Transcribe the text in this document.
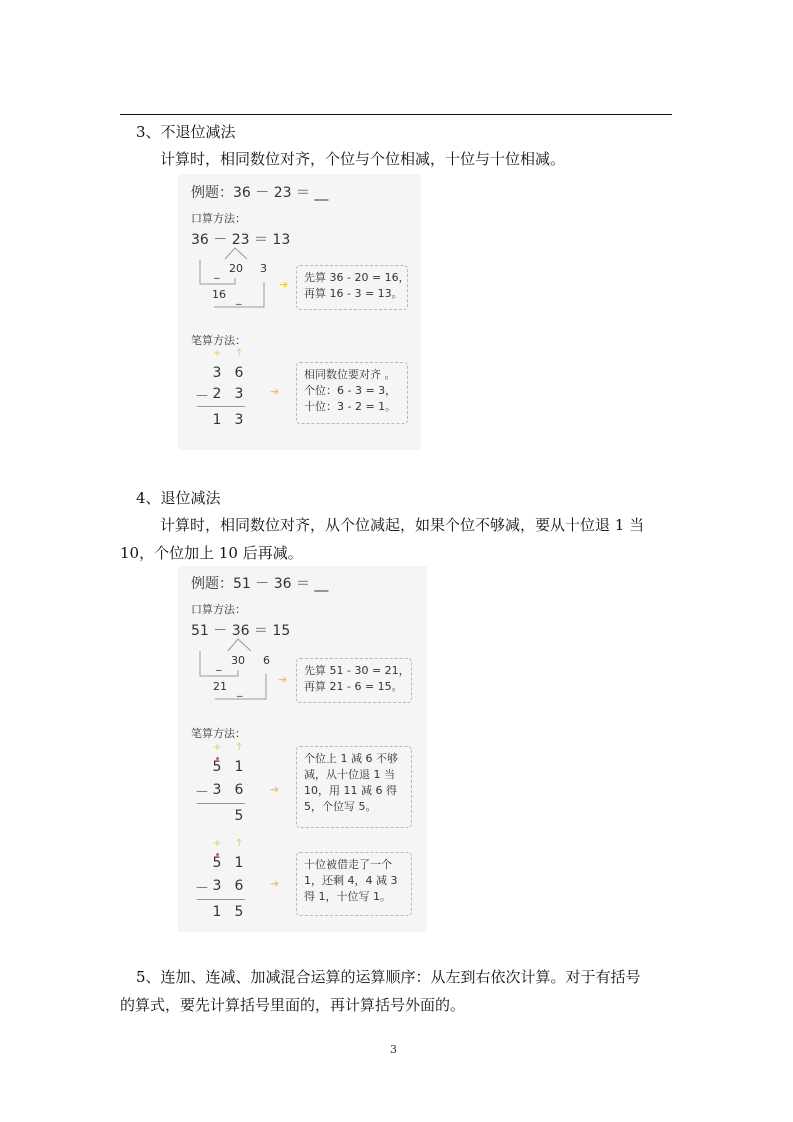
3、不退位减法
计算时，相同数位对齐，个位与个位相减，十位与十位相减。
例题：36 － 23 ＝ __
口算方法：
36 － 23 ＝ 13
_ 20 3
16 _
➔
先算 36 - 20 = 16，
再算 16 - 3 = 13。
笔算方法：
+ ↑
3 6
－ 2 3
1 3
➔
相同数位要对齐 。
个位：6 - 3 = 3，
十位：3 - 2 = 1。
4、退位减法
计算时，相同数位对齐，从个位减起，如果个位不够减，要从十位退 1 当
10，个位加上 10 后再减。
例题：51 － 36 ＝ __
口算方法：
51 － 36 ＝ 15
_ 30 6
21 _
➔
先算 51 - 30 = 21，
再算 21 - 6 = 15。
笔算方法：
+ ↑
5 1
－ 3 6
5
➔
个位上 1 减 6 不够
减，从十位退 1 当
10，用 11 减 6 得
5，个位写 5。
+ ↑
5 1
－ 3 6
1 5
➔
十位被借走了一个
1，还剩 4，4 减 3
得 1，十位写 1。
5、连加、连减、加减混合运算的运算顺序：从左到右依次计算。对于有括号
的算式，要先计算括号里面的，再计算括号外面的。
3
